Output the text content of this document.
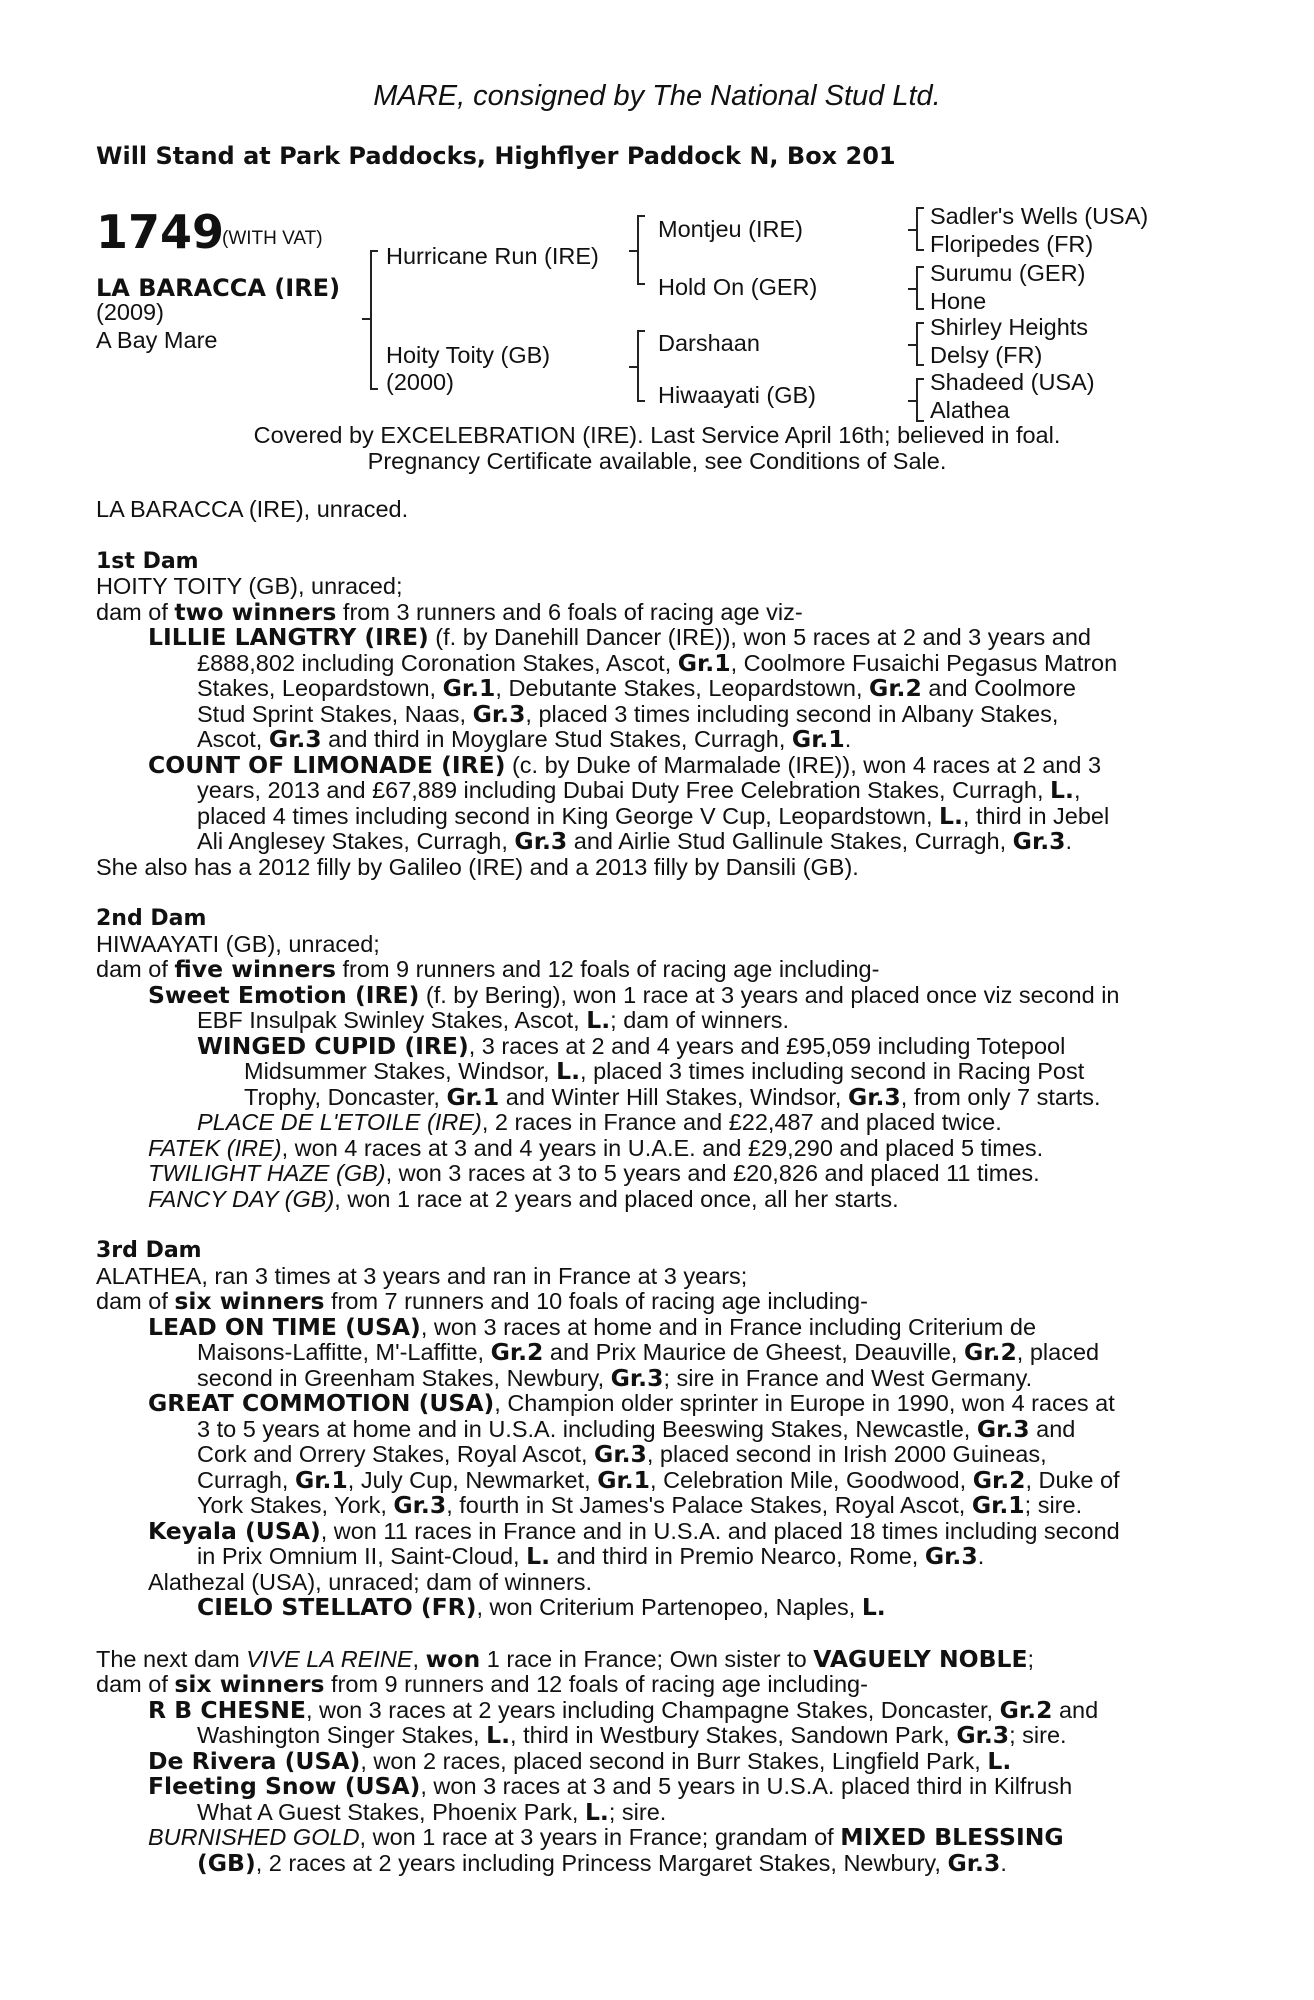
MARE, consigned by The National Stud Ltd.
Will Stand at Park Paddocks, Highflyer Paddock N, Box 201
1749
(WITH VAT)
LA BARACCA (IRE)
(2009)
A Bay Mare
Hurricane Run (IRE)
Hoity Toity (GB)
(2000)
Montjeu (IRE)
Hold On (GER)
Darshaan
Hiwaayati (GB)
Sadler's Wells (USA)
Floripedes (FR)
Surumu (GER)
Hone
Shirley Heights
Delsy (FR)
Shadeed (USA)
Alathea
Covered by EXCELEBRATION (IRE). Last Service April 16th; believed in foal.
Pregnancy Certificate available, see Conditions of Sale.
LA BARACCA (IRE), unraced.
1st Dam
HOITY TOITY (GB), unraced;
dam of two winners from 3 runners and 6 foals of racing age viz-
LILLIE LANGTRY (IRE) (f. by Danehill Dancer (IRE)), won 5 races at 2 and 3 years and
£888,802 including Coronation Stakes, Ascot, Gr.1, Coolmore Fusaichi Pegasus Matron
Stakes, Leopardstown, Gr.1, Debutante Stakes, Leopardstown, Gr.2 and Coolmore
Stud Sprint Stakes, Naas, Gr.3, placed 3 times including second in Albany Stakes,
Ascot, Gr.3 and third in Moyglare Stud Stakes, Curragh, Gr.1.
COUNT OF LIMONADE (IRE) (c. by Duke of Marmalade (IRE)), won 4 races at 2 and 3
years, 2013 and £67,889 including Dubai Duty Free Celebration Stakes, Curragh, L.,
placed 4 times including second in King George V Cup, Leopardstown, L., third in Jebel
Ali Anglesey Stakes, Curragh, Gr.3 and Airlie Stud Gallinule Stakes, Curragh, Gr.3.
She also has a 2012 filly by Galileo (IRE) and a 2013 filly by Dansili (GB).
2nd Dam
HIWAAYATI (GB), unraced;
dam of five winners from 9 runners and 12 foals of racing age including-
Sweet Emotion (IRE) (f. by Bering), won 1 race at 3 years and placed once viz second in
EBF Insulpak Swinley Stakes, Ascot, L.; dam of winners.
WINGED CUPID (IRE), 3 races at 2 and 4 years and £95,059 including Totepool
Midsummer Stakes, Windsor, L., placed 3 times including second in Racing Post
Trophy, Doncaster, Gr.1 and Winter Hill Stakes, Windsor, Gr.3, from only 7 starts.
PLACE DE L'ETOILE (IRE), 2 races in France and £22,487 and placed twice.
FATEK (IRE), won 4 races at 3 and 4 years in U.A.E. and £29,290 and placed 5 times.
TWILIGHT HAZE (GB), won 3 races at 3 to 5 years and £20,826 and placed 11 times.
FANCY DAY (GB), won 1 race at 2 years and placed once, all her starts.
3rd Dam
ALATHEA, ran 3 times at 3 years and ran in France at 3 years;
dam of six winners from 7 runners and 10 foals of racing age including-
LEAD ON TIME (USA), won 3 races at home and in France including Criterium de
Maisons-Laffitte, M'-Laffitte, Gr.2 and Prix Maurice de Gheest, Deauville, Gr.2, placed
second in Greenham Stakes, Newbury, Gr.3; sire in France and West Germany.
GREAT COMMOTION (USA), Champion older sprinter in Europe in 1990, won 4 races at
3 to 5 years at home and in U.S.A. including Beeswing Stakes, Newcastle, Gr.3 and
Cork and Orrery Stakes, Royal Ascot, Gr.3, placed second in Irish 2000 Guineas,
Curragh, Gr.1, July Cup, Newmarket, Gr.1, Celebration Mile, Goodwood, Gr.2, Duke of
York Stakes, York, Gr.3, fourth in St James's Palace Stakes, Royal Ascot, Gr.1; sire.
Keyala (USA), won 11 races in France and in U.S.A. and placed 18 times including second
in Prix Omnium II, Saint-Cloud, L. and third in Premio Nearco, Rome, Gr.3.
Alathezal (USA), unraced; dam of winners.
CIELO STELLATO (FR), won Criterium Partenopeo, Naples, L.
The next dam VIVE LA REINE, won 1 race in France; Own sister to VAGUELY NOBLE;
dam of six winners from 9 runners and 12 foals of racing age including-
R B CHESNE, won 3 races at 2 years including Champagne Stakes, Doncaster, Gr.2 and
Washington Singer Stakes, L., third in Westbury Stakes, Sandown Park, Gr.3; sire.
De Rivera (USA), won 2 races, placed second in Burr Stakes, Lingfield Park, L.
Fleeting Snow (USA), won 3 races at 3 and 5 years in U.S.A. placed third in Kilfrush
What A Guest Stakes, Phoenix Park, L.; sire.
BURNISHED GOLD, won 1 race at 3 years in France; grandam of MIXED BLESSING
(GB), 2 races at 2 years including Princess Margaret Stakes, Newbury, Gr.3.
